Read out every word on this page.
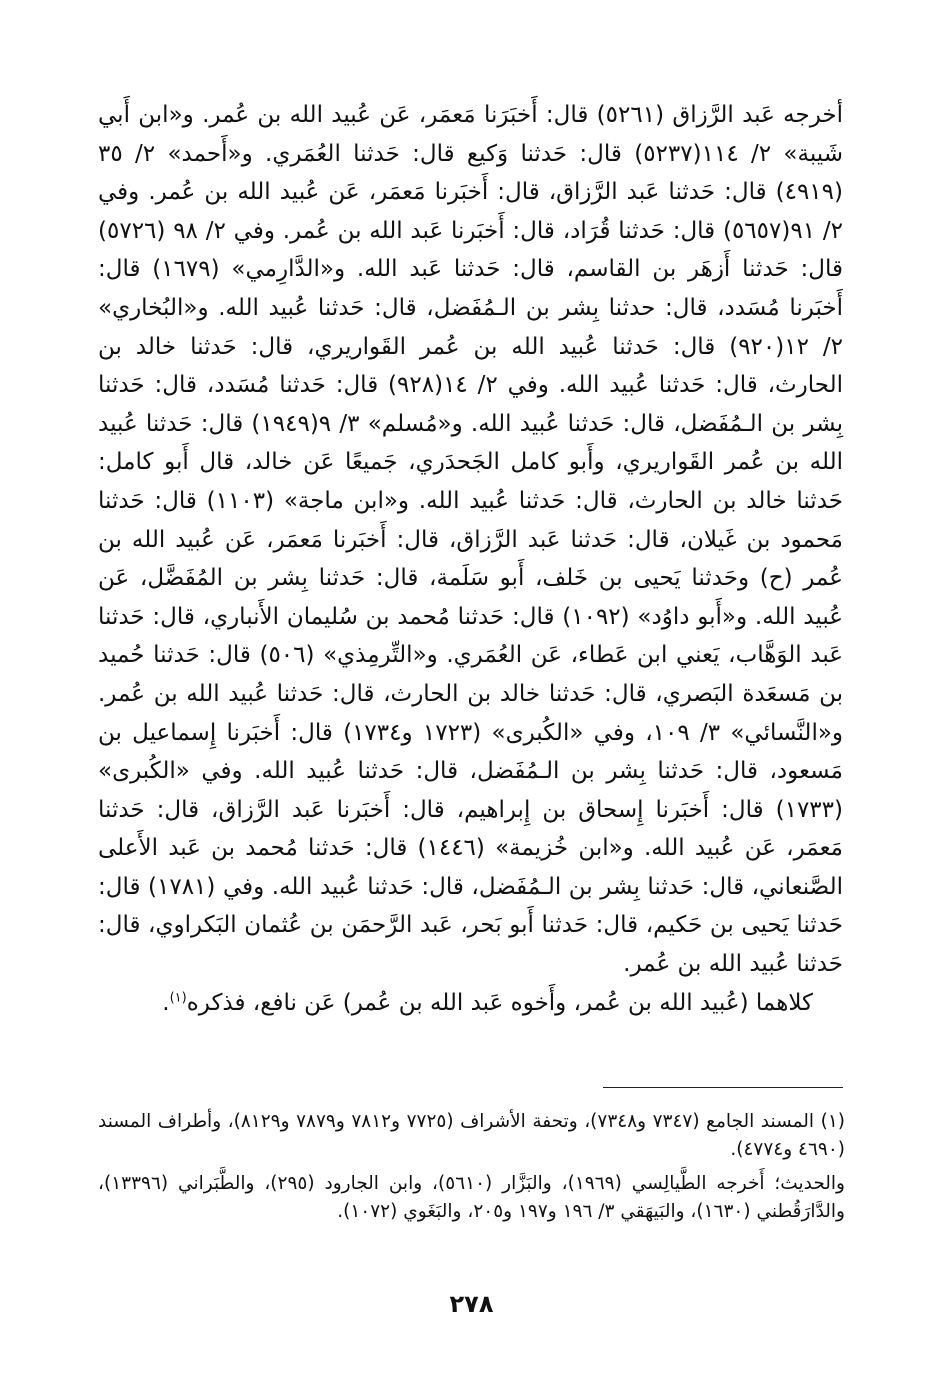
أخرجه عَبد الرَّزاق (٥٢٦١) قال: أَخبَرَنا مَعمَر، عَن عُبيد الله بن عُمر. و«ابن أَبي شَيبة» ٢/ ١١٤(٥٢٣٧) قال: حَدثنا وَكيع قال: حَدثنا العُمَري. و«أَحمد» ٢/ ٣٥ (٤٩١٩) قال: حَدثنا عَبد الرَّزاق، قال: أَخبَرنا مَعمَر، عَن عُبيد الله بن عُمر. وفي ٢/ ٩١(٥٦٥٧) قال: حَدثنا قُرَاد، قال: أَخبَرنا عَبد الله بن عُمر. وفي ٢/ ٩٨ (٥٧٢٦) قال: حَدثنا أَزهَر بن القاسم، قال: حَدثنا عَبد الله. و«الدَّارِمي» (١٦٧٩) قال: أَخبَرنا مُسَدد، قال: حدثنا بِشر بن الـمُفَضل، قال: حَدثنا عُبيد الله. و«البُخاري» ٢/ ١٢(٩٢٠) قال: حَدثنا عُبيد الله بن عُمر القَواريري، قال: حَدثنا خالد بن الحارث، قال: حَدثنا عُبيد الله. وفي ٢/ ١٤(٩٢٨) قال: حَدثنا مُسَدد، قال: حَدثنا بِشر بن الـمُفَضل، قال: حَدثنا عُبيد الله. و«مُسلم» ٣/ ٩(١٩٤٩) قال: حَدثنا عُبيد الله بن عُمر القَواريري، وأَبو كامل الجَحدَري، جَميعًا عَن خالد، قال أَبو كامل: حَدثنا خالد بن الحارث، قال: حَدثنا عُبيد الله. و«ابن ماجة» (١١٠٣) قال: حَدثنا مَحمود بن غَيلان، قال: حَدثنا عَبد الرَّزاق، قال: أَخبَرنا مَعمَر، عَن عُبيد الله بن عُمر (ح) وحَدثنا يَحيى بن خَلف، أَبو سَلَمة، قال: حَدثنا بِشر بن المُفَضَّل، عَن عُبيد الله. و«أَبو داوُد» (١٠٩٢) قال: حَدثنا مُحمد بن سُليمان الأَنباري، قال: حَدثنا عَبد الوَهَّاب، يَعني ابن عَطاء، عَن العُمَري. و«التِّرمِذي» (٥٠٦) قال: حَدثنا حُميد بن مَسعَدة البَصري، قال: حَدثنا خالد بن الحارث، قال: حَدثنا عُبيد الله بن عُمر. و«النَّسائي» ٣/ ١٠٩، وفي «الكُبرى» (١٧٢٣ و١٧٣٤) قال: أَخبَرنا إِسماعيل بن مَسعود، قال: حَدثنا بِشر بن الـمُفَضل، قال: حَدثنا عُبيد الله. وفي «الكُبرى» (١٧٣٣) قال: أَخبَرنا إِسحاق بن إِبراهيم، قال: أَخبَرنا عَبد الرَّزاق، قال: حَدثنا مَعمَر، عَن عُبيد الله. و«ابن خُزيمة» (١٤٤٦) قال: حَدثنا مُحمد بن عَبد الأَعلى الصَّنعاني، قال: حَدثنا بِشر بن الـمُفَضل، قال: حَدثنا عُبيد الله. وفي (١٧٨١) قال: حَدثنا يَحيى بن حَكيم، قال: حَدثنا أَبو بَحر، عَبد الرَّحمَن بن عُثمان البَكراوي، قال: حَدثنا عُبيد الله بن عُمر.

كلاهما (عُبيد الله بن عُمر، وأَخوه عَبد الله بن عُمر) عَن نافع، فذكره$^{(١)}$.

(١) المسند الجامع (٧٣٤٧ و٧٣٤٨)، وتحفة الأشراف (٧٧٢٥ و٧٨١٢ و٧٨٧٩ و٨١٢٩)، وأطراف المسند (٤٦٩٠ و٤٧٧٤).

والحديث؛ أَخرجه الطَّيالِسي (١٩٦٩)، والبَزَّار (٥٦١٠)، وابن الجارود (٢٩٥)، والطَّبَراني (١٣٣٩٦)، والدَّارَقُطني (١٦٣٠)، والبَيهَقي ٣/ ١٩٦ و١٩٧ و٢٠٥، والبَغَوي (١٠٧٢).

٢٧٨
